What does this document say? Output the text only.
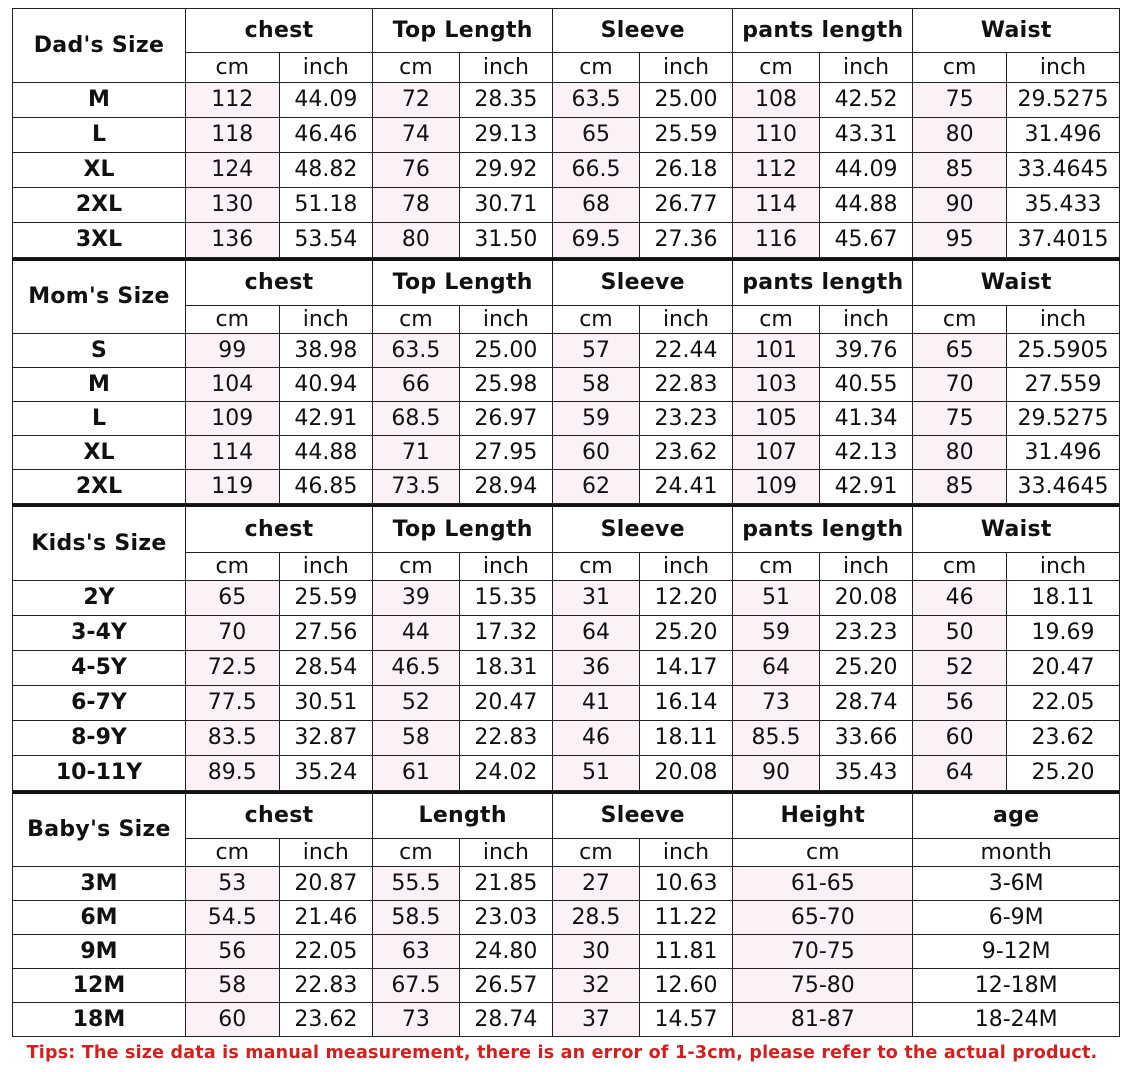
Dad's Size	chest		Top Length		Sleeve		pants length		Waist	
	cm	inch	cm	inch	cm	inch	cm	inch	cm	inch
M	112	44.09	72	28.35	63.5	25.00	108	42.52	75	29.5275
L	118	46.46	74	29.13	65	25.59	110	43.31	80	31.496
XL	124	48.82	76	29.92	66.5	26.18	112	44.09	85	33.4645
2XL	130	51.18	78	30.71	68	26.77	114	44.88	90	35.433
3XL	136	53.54	80	31.50	69.5	27.36	116	45.67	95	37.4015
Mom's Size	chest		Top Length		Sleeve		pants length		Waist	
	cm	inch	cm	inch	cm	inch	cm	inch	cm	inch
S	99	38.98	63.5	25.00	57	22.44	101	39.76	65	25.5905
M	104	40.94	66	25.98	58	22.83	103	40.55	70	27.559
L	109	42.91	68.5	26.97	59	23.23	105	41.34	75	29.5275
XL	114	44.88	71	27.95	60	23.62	107	42.13	80	31.496
2XL	119	46.85	73.5	28.94	62	24.41	109	42.91	85	33.4645
Kids's Size	chest		Top Length		Sleeve		pants length		Waist	
	cm	inch	cm	inch	cm	inch	cm	inch	cm	inch
2Y	65	25.59	39	15.35	31	12.20	51	20.08	46	18.11
3-4Y	70	27.56	44	17.32	64	25.20	59	23.23	50	19.69
4-5Y	72.5	28.54	46.5	18.31	36	14.17	64	25.20	52	20.47
6-7Y	77.5	30.51	52	20.47	41	16.14	73	28.74	56	22.05
8-9Y	83.5	32.87	58	22.83	46	18.11	85.5	33.66	60	23.62
10-11Y	89.5	35.24	61	24.02	51	20.08	90	35.43	64	25.20
Baby's Size	chest		Length		Sleeve		Height	age
	cm	inch	cm	inch	cm	inch	cm	month
3M	53	20.87	55.5	21.85	27	10.63	61-65	3-6M
6M	54.5	21.46	58.5	23.03	28.5	11.22	65-70	6-9M
9M	56	22.05	63	24.80	30	11.81	70-75	9-12M
12M	58	22.83	67.5	26.57	32	12.60	75-80	12-18M
18M	60	23.62	73	28.74	37	14.57	81-87	18-24M
Tips: The size data is manual measurement, there is an error of 1-3cm, please refer to the actual product.
